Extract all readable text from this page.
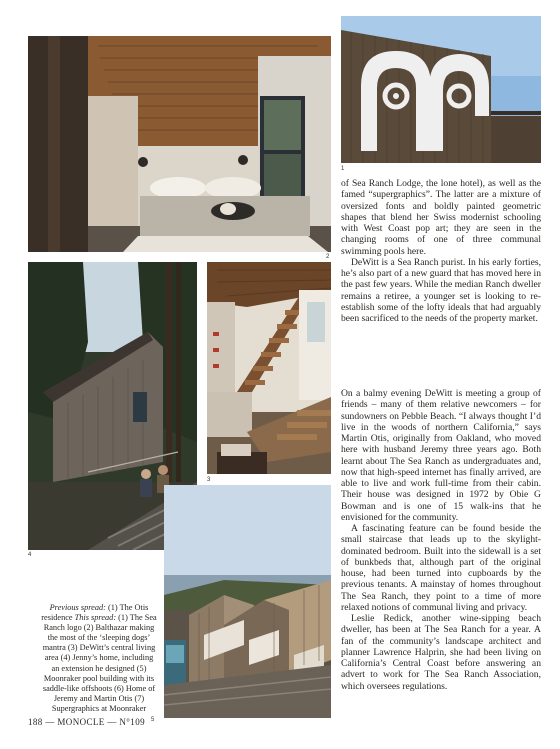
1
2
4
3
5

of Sea Ranch Lodge, the lone hotel), as well as the famed “supergraphics”. The latter are a mixture of oversized fonts and boldly painted geometric shapes that blend her Swiss modernist schooling with West Coast pop art; they are seen in the changing rooms of one of three communal swimming pools here.

DeWitt is a Sea Ranch purist. In his early forties, he’s also part of a new guard that has moved here in the past few years. While the median Ranch dweller remains a retiree, a younger set is looking to re-establish some of the lofty ideals that had arguably been sacrificed to the needs of the property market.

On a balmy evening DeWitt is meeting a group of friends – many of them relative newcomers – for sundowners on Pebble Beach. “I always thought I’d live in the woods of northern California,” says Martin Otis, originally from Oakland, who moved here with husband Jeremy three years ago. Both learnt about The Sea Ranch as undergraduates and, now that high-speed internet has finally arrived, are able to live and work full-time from their cabin. Their house was designed in 1972 by Obie G Bowman and is one of 15 walk-ins that he envisioned for the community.

A fascinating feature can be found beside the small staircase that leads up to the skylight-dominated bedroom. Built into the sidewall is a set of bunkbeds that, although part of the original house, had been turned into cupboards by the previous tenants. A mainstay of homes throughout The Sea Ranch, they point to a time of more relaxed notions of communal living and privacy.

Leslie Redick, another wine-sipping beach dweller, has been at The Sea Ranch for a year. A fan of the community’s landscape architect and planner Lawrence Halprin, she had been living on California’s Central Coast before answering an advert to work for The Sea Ranch Association, which oversees regulations.

Previous spread: (1) The Otis residence This spread: (1) The Sea Ranch logo (2) Balthazar making the most of the ‘sleeping dogs’ mantra (3) DeWitt’s central living area (4) Jenny’s home, including an extension he designed (5) Moonraker pool building with its saddle-like offshoots (6) Home of Jeremy and Martin Otis (7) Supergraphics at Moonraker
188 — MONOCLE — N°109
